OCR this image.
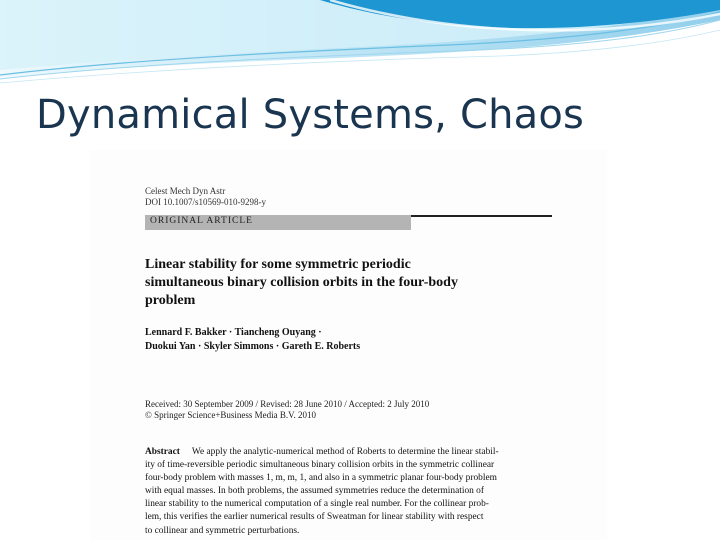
Dynamical Systems, Chaos
Celest Mech Dyn Astr
DOI 10.1007/s10569-010-9298-y
ORIGINAL ARTICLE
Linear stability for some symmetric periodic
simultaneous binary collision orbits in the four-body
problem
Lennard F. Bakker · Tiancheng Ouyang ·
Duokui Yan · Skyler Simmons · Gareth E. Roberts
Received: 30 September 2009 / Revised: 28 June 2010 / Accepted: 2 July 2010
© Springer Science+Business Media B.V. 2010
Abstract We apply the analytic-numerical method of Roberts to determine the linear stabil-
ity of time-reversible periodic simultaneous binary collision orbits in the symmetric collinear
four-body problem with masses 1, m, m, 1, and also in a symmetric planar four-body problem
with equal masses. In both problems, the assumed symmetries reduce the determination of
linear stability to the numerical computation of a single real number. For the collinear prob-
lem, this verifies the earlier numerical results of Sweatman for linear stability with respect
to collinear and symmetric perturbations.
